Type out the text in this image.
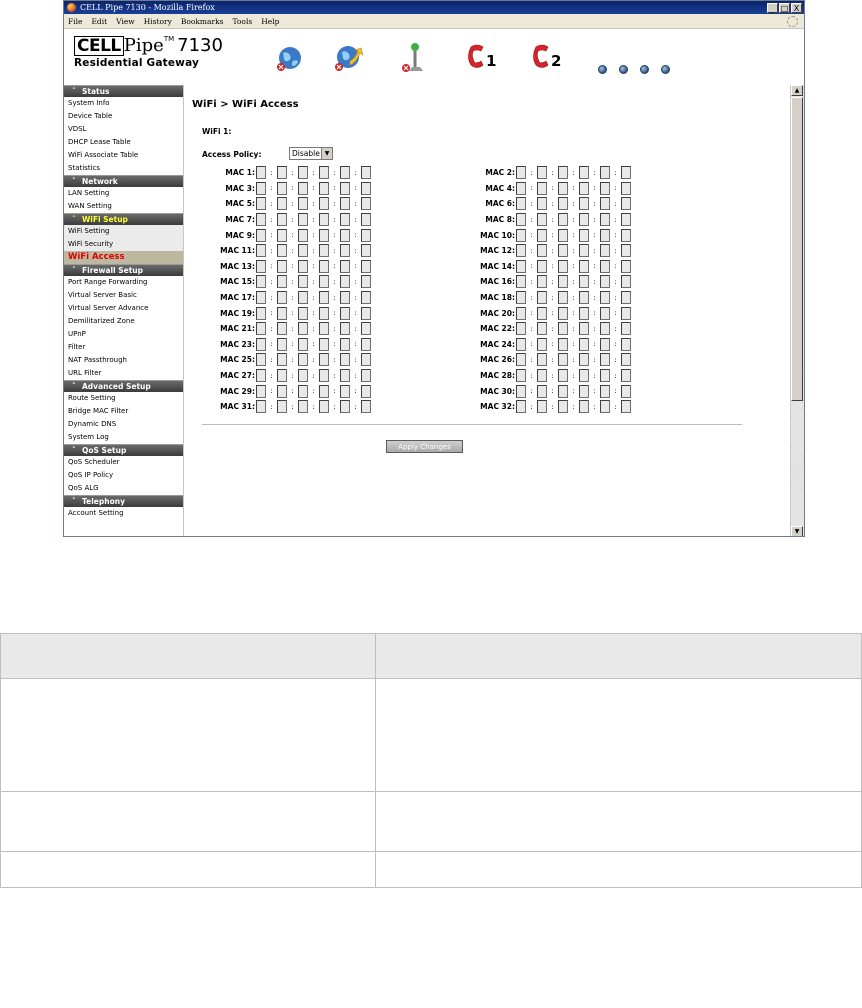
CELL Pipe 7130 - Mozilla Firefox	_ □ X
File Edit View History Bookmarks Tools Help
CELL Pipe™ 7130
Residential Gateway	1	2
˄ Status
System Info
Device Table
VDSL
DHCP Lease Table
WiFi Associate Table
Statistics
˄ Network
LAN Setting
WAN Setting
˄ WiFi Setup
WiFi Setting
WiFi Security
WiFi Access
˄ Firewall Setup
Port Range Forwarding
Virtual Server Basic
Virtual Server Advance
Demilitarized Zone
UPnP
Filter
NAT Passthrough
URL Filter
˄ Advanced Setup
Route Setting
Bridge MAC Filter
Dynamic DNS
System Log
˄ QoS Setup
QoS Scheduler
QoS IP Policy
QoS ALG
˄ Telephony
Account Setting
WiFi > WiFi Access
WiFi 1:
Access Policy:	Disable ▼
MAC 1:	:	:	:	:	:
MAC 3:	:	:	:	:	:
MAC 5:	:	:	:	:	:
MAC 7:	:	:	:	:	:
MAC 9:	:	:	:	:	:
MAC 11:	:	:	:	:	:
MAC 13:	:	:	:	:	:
MAC 15:	:	:	:	:	:
MAC 17:	:	:	:	:	:
MAC 19:	:	:	:	:	:
MAC 21:	:	:	:	:	:
MAC 23:	:	:	:	:	:
MAC 25:	:	:	:	:	:
MAC 27:	:	:	:	:	:
MAC 29:	:	:	:	:	:
MAC 31:	:	:	:	:	:
MAC 2:	:	:	:	:	:
MAC 4:	:	:	:	:	:
MAC 6:	:	:	:	:	:
MAC 8:	:	:	:	:	:
MAC 10:	:	:	:	:	:
MAC 12:	:	:	:	:	:
MAC 14:	:	:	:	:	:
MAC 16:	:	:	:	:	:
MAC 18:	:	:	:	:	:
MAC 20:	:	:	:	:	:
MAC 22:	:	:	:	:	:
MAC 24:	:	:	:	:	:
MAC 26:	:	:	:	:	:
MAC 28:	:	:	:	:	:
MAC 30:	:	:	:	:	:
MAC 32:	:	:	:	:	:
Apply Changes
▲
▼
